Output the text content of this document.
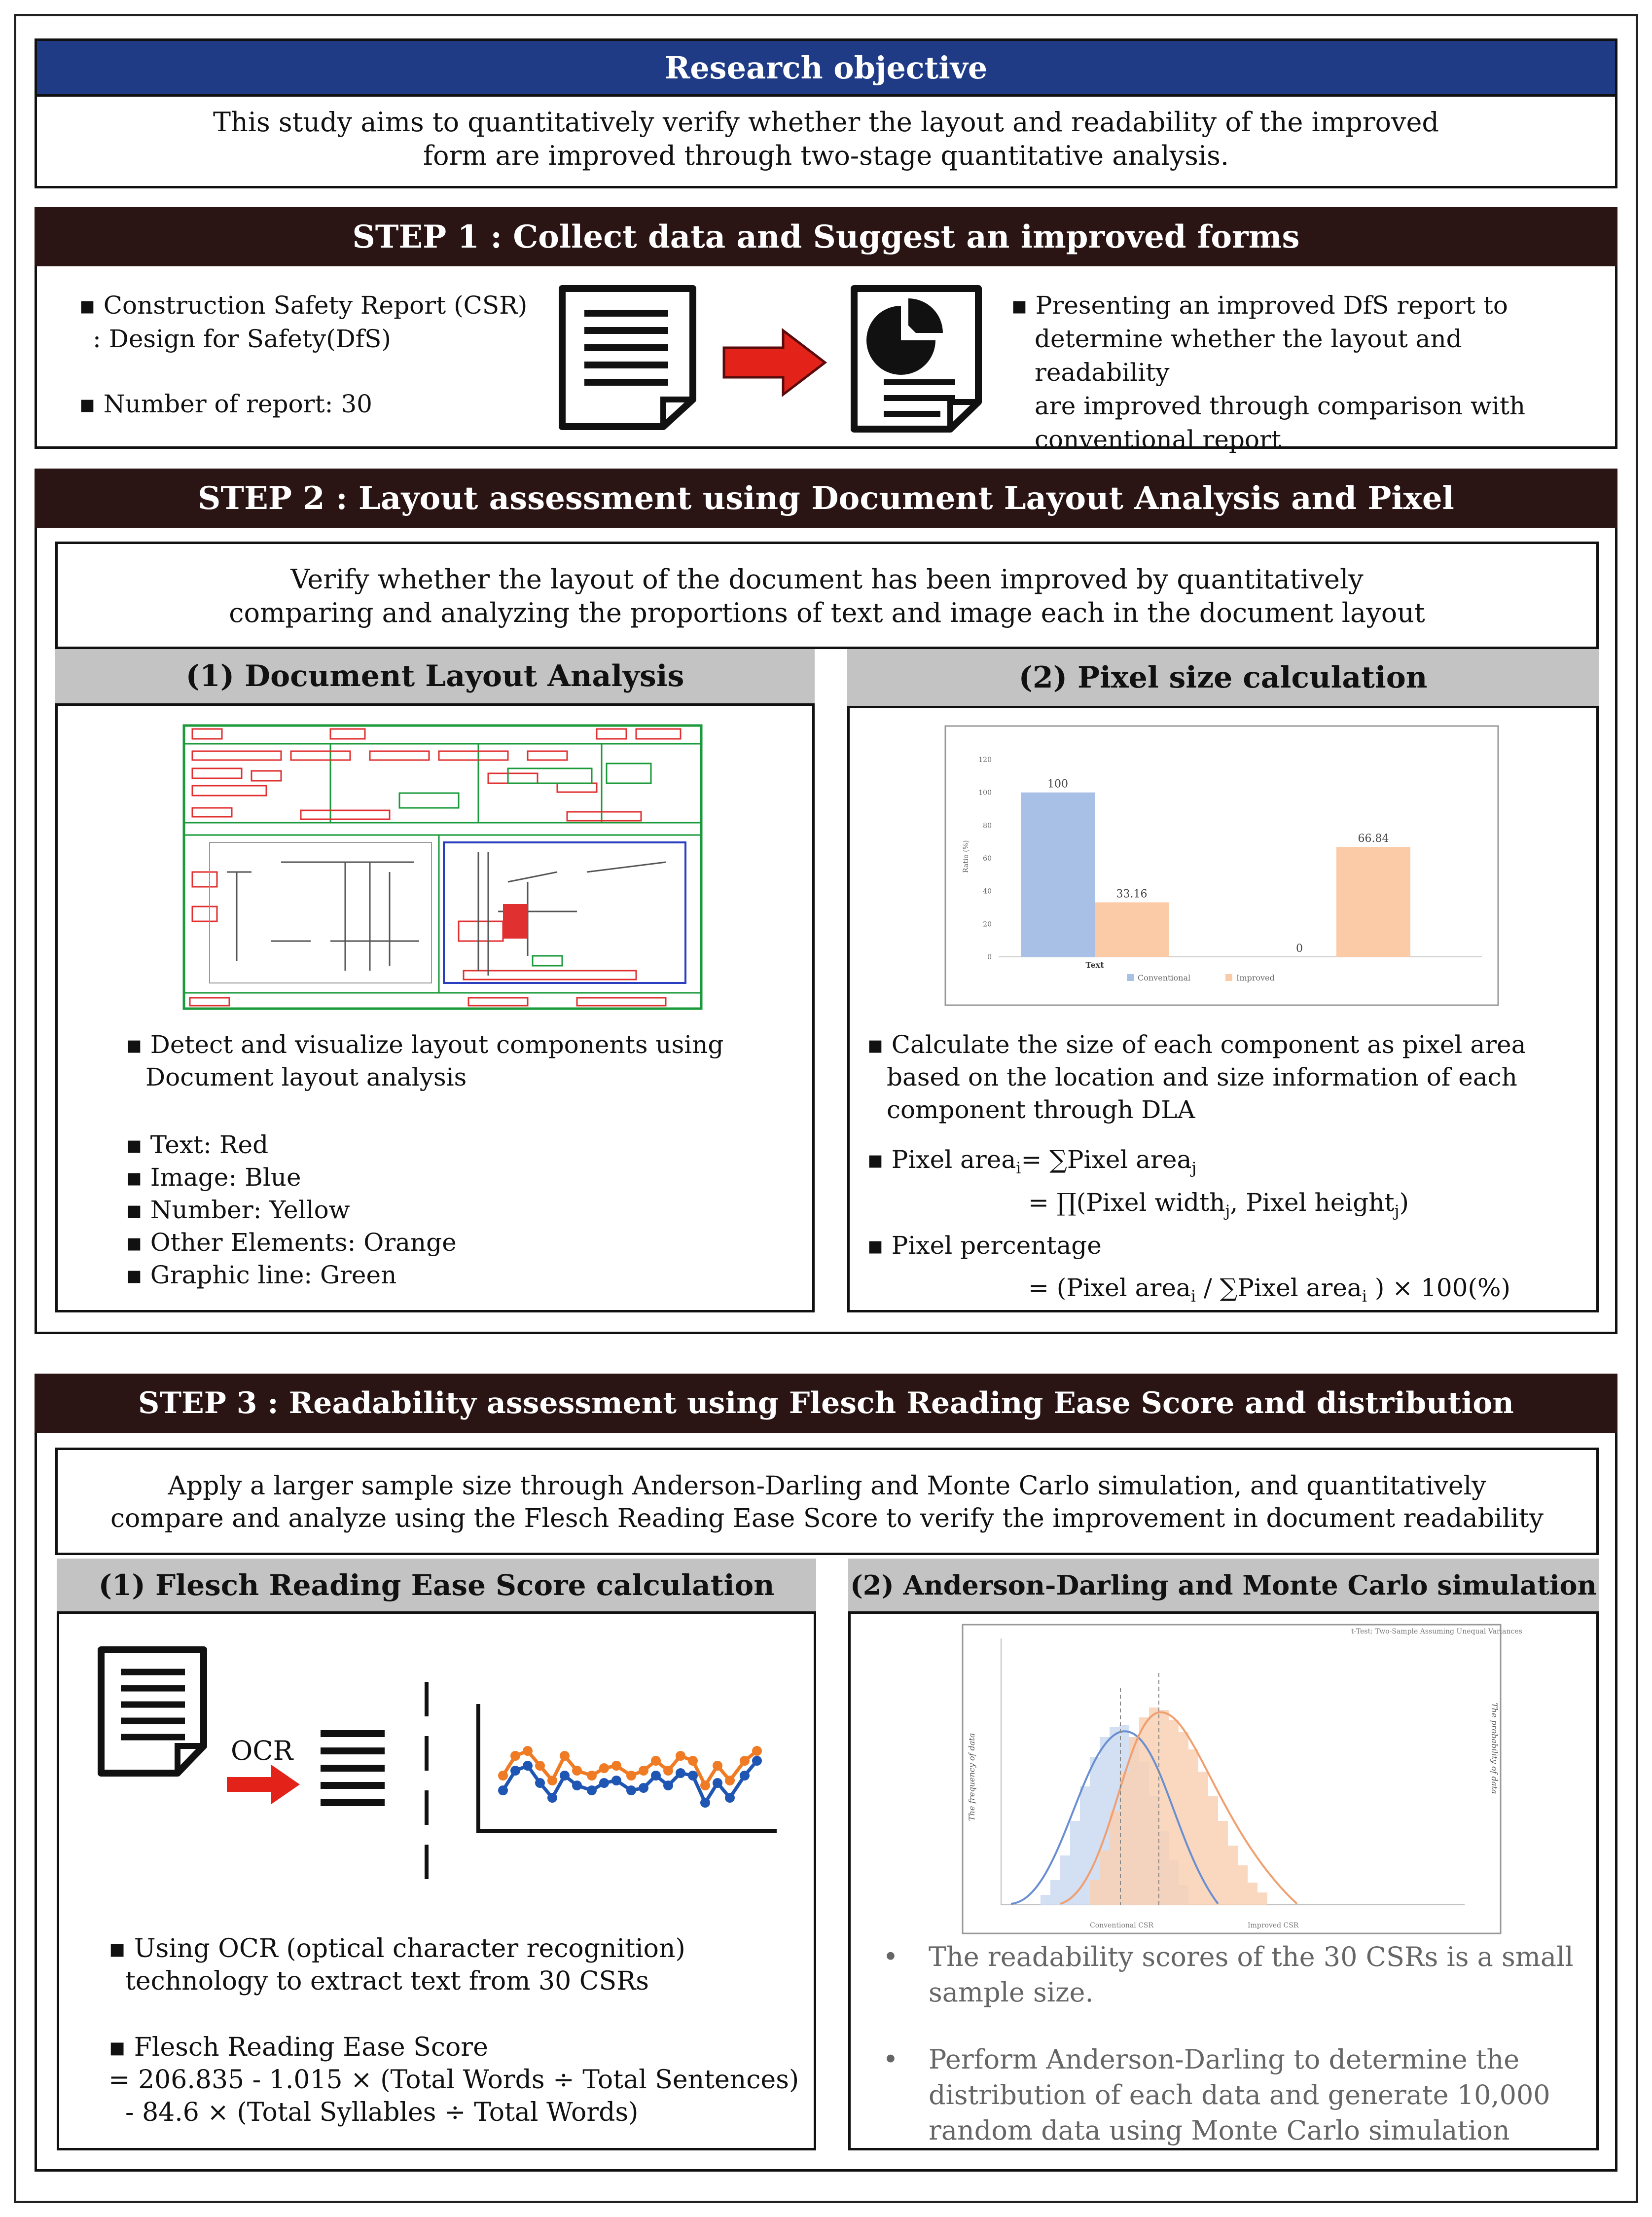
Research objective
This study aims to quantitatively verify whether the layout and readability of the improved
form are improved through two-stage quantitative analysis.
STEP 1 : Collect data and Suggest an improved forms
▪ Construction Safety Report (CSR)
: Design for Safety(DfS)
▪ Number of report: 30
▪ Presenting an improved DfS report to
determine whether the layout and readability
are improved through comparison with
conventional report
STEP 2 : Layout assessment using Document Layout Analysis and Pixel
Verify whether the layout of the document has been improved by quantitatively
comparing and analyzing the proportions of text and image each in the document layout
(1) Document Layout Analysis
▪ Detect and visualize layout components using
Document layout analysis
▪ Text: Red
▪ Image: Blue
▪ Number: Yellow
▪ Other Elements: Orange
▪ Graphic line: Green
(2) Pixel size calculation
120
100
80
60
40
20
0
Ratio (%)
100
33.16
0
66.84
Text
Conventional	Improved
▪ Calculate the size of each component as pixel area
based on the location and size information of each
component through DLA
▪ Pixel area$_i$= ∑Pixel area$_j$
= ∏(Pixel width$_j$, Pixel height$_j$)
▪ Pixel percentage
= (Pixel area$_i$ / ∑Pixel area$_i$ ) × 100(%)
STEP 3 : Readability assessment using Flesch Reading Ease Score and distribution
Apply a larger sample size through Anderson-Darling and Monte Carlo simulation, and quantitatively
compare and analyze using the Flesch Reading Ease Score to verify the improvement in document readability
(1) Flesch Reading Ease Score calculation
OCR
▪ Using OCR (optical character recognition)
technology to extract text from 30 CSRs
▪ Flesch Reading Ease Score
= 206.835 - 1.015 × (Total Words ÷ Total Sentences)
- 84.6 × (Total Syllables ÷ Total Words)
(2) Anderson-Darling and Monte Carlo simulation
Conventional CSR	Improved CSR
t-Test: Two-Sample Assuming Unequal Variances
The frequency of data	The probability of data
•	The readability scores of the 30 CSRs is a small
sample size.
•	Perform Anderson-Darling to determine the
distribution of each data and generate 10,000
random data using Monte Carlo simulation
